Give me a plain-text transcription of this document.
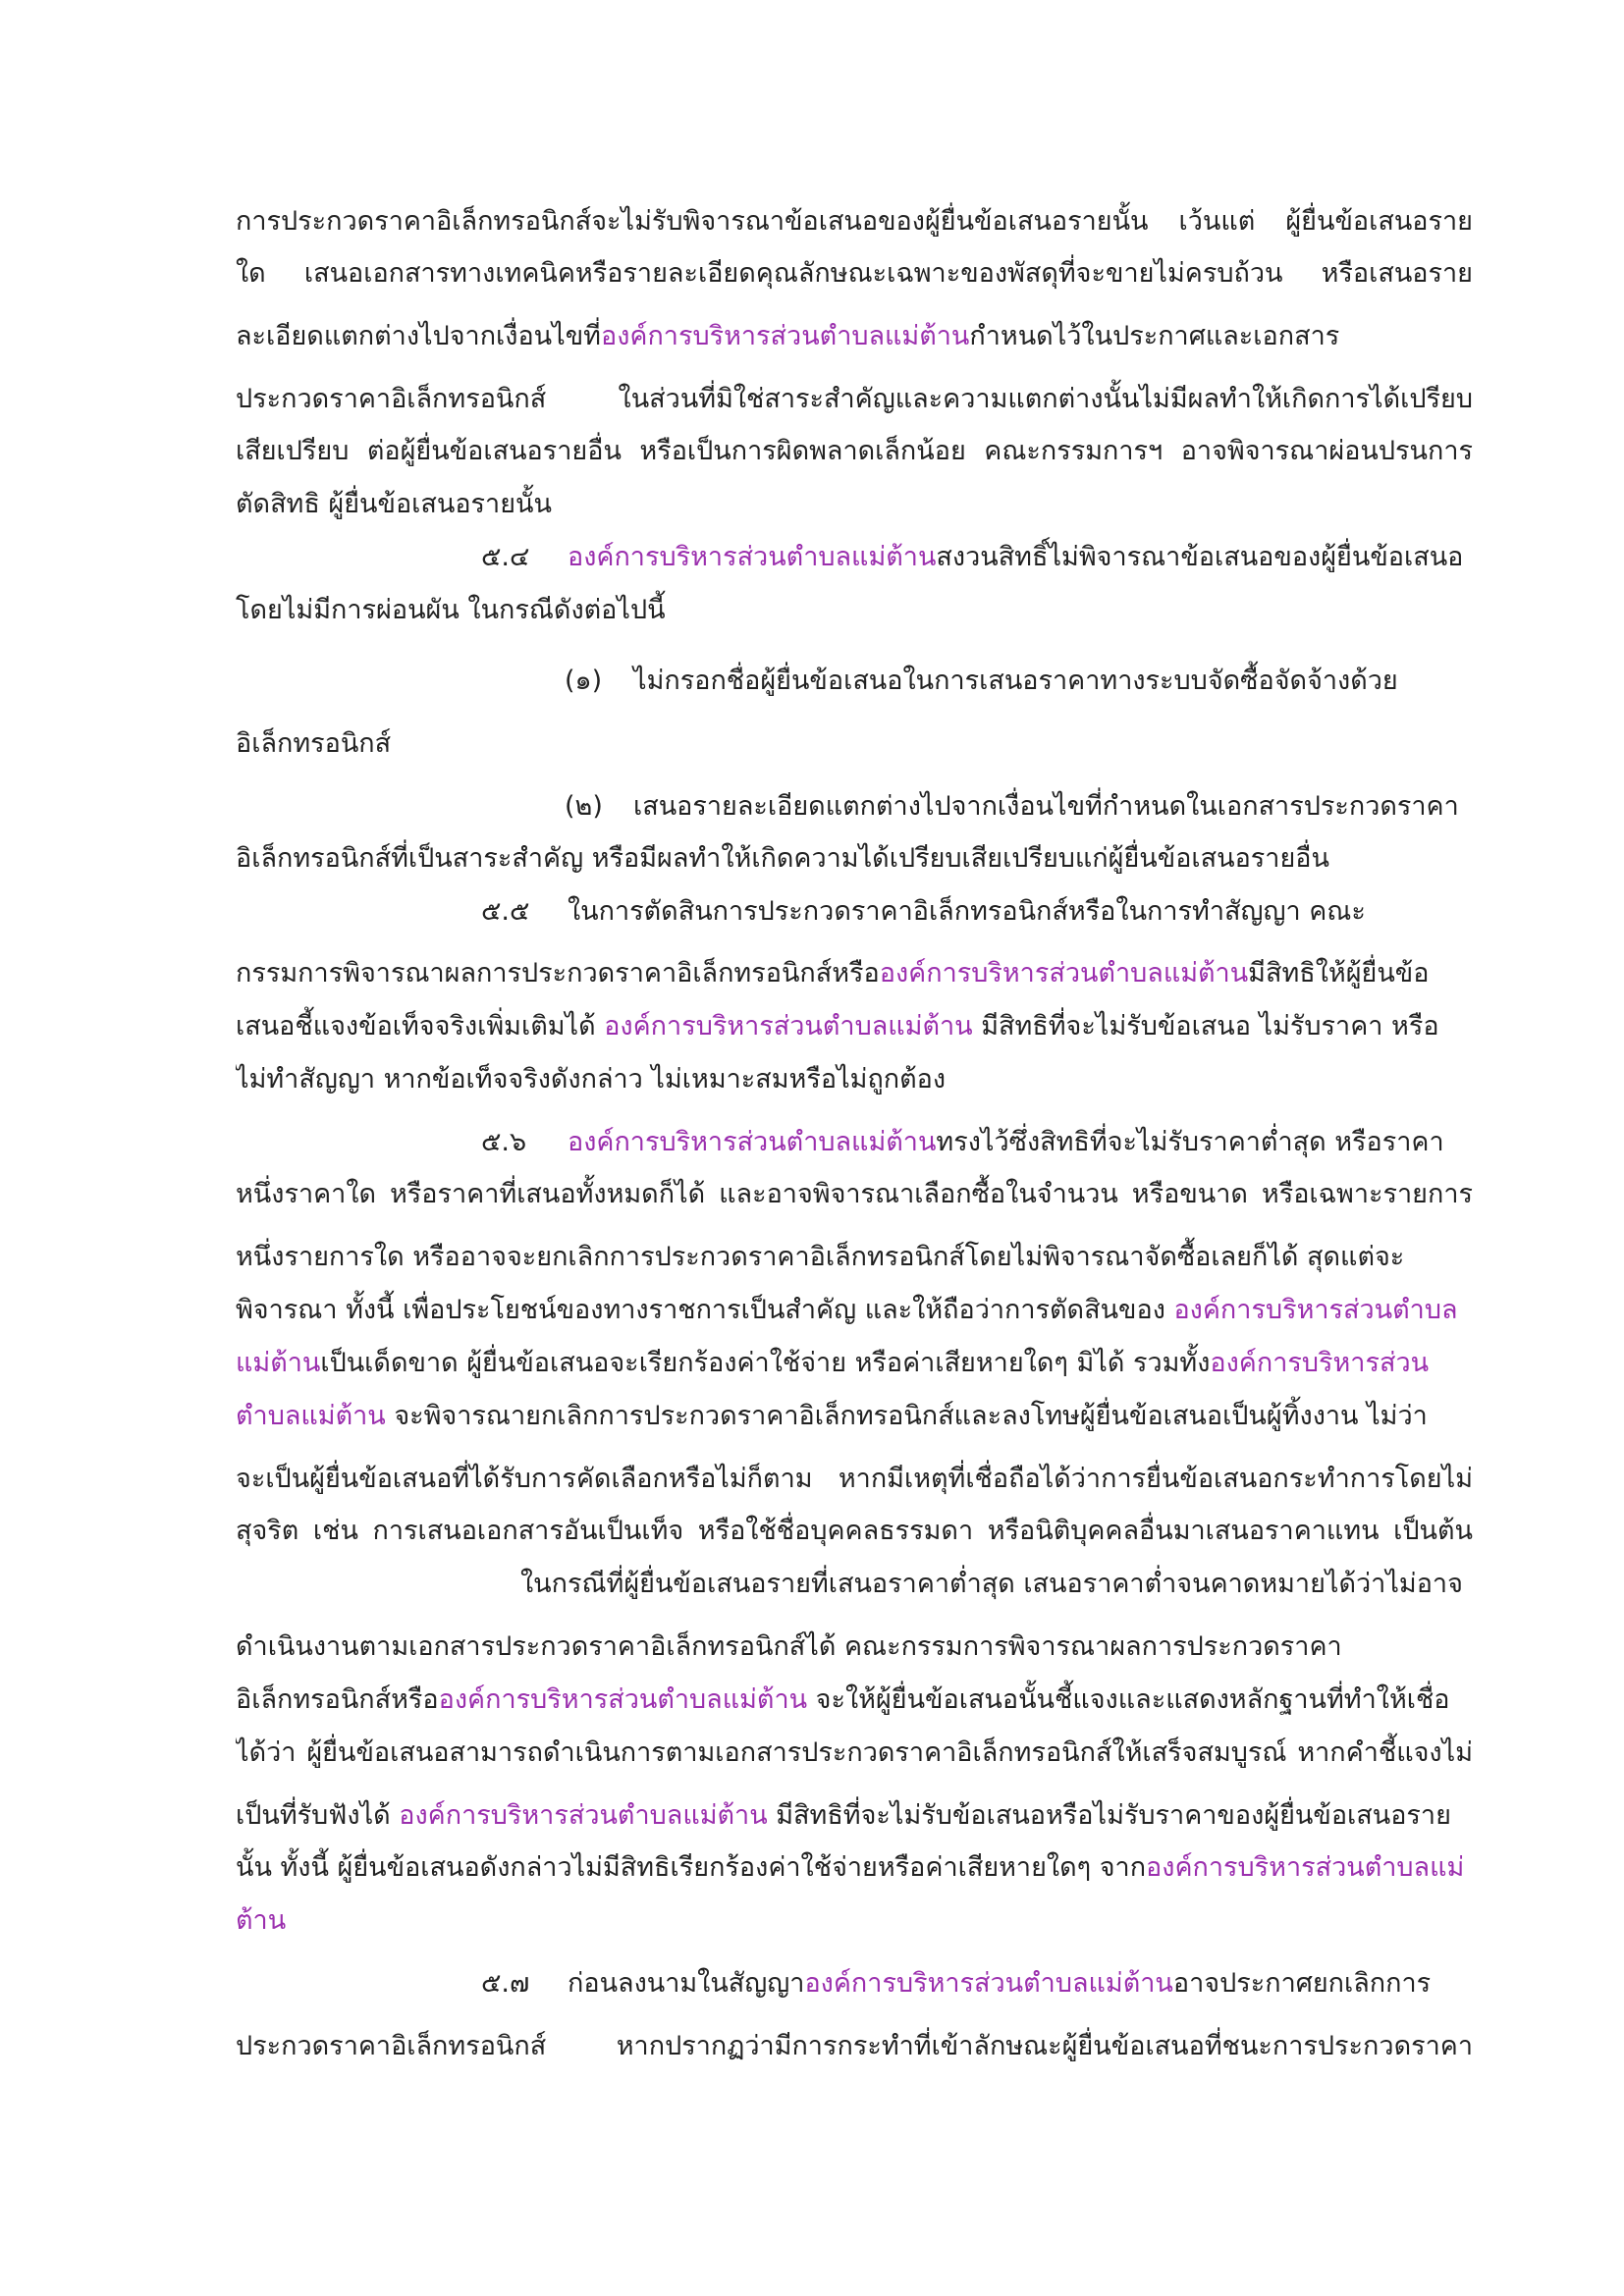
การประกวดราคาอิเล็กทรอนิกส์จะไม่รับพิจารณาข้อเสนอของผู้ยื่นข้อเสนอรายนั้น เว้นแต่ ผู้ยื่นข้อเสนอราย
ใด เสนอเอกสารทางเทคนิคหรือรายละเอียดคุณลักษณะเฉพาะของพัสดุที่จะขายไม่ครบถ้วน หรือเสนอราย
ละเอียดแตกต่างไปจากเงื่อนไขที่องค์การบริหารส่วนตำบลแม่ต้านกำหนดไว้ในประกาศและเอกสาร
ประกวดราคาอิเล็กทรอนิกส์ ในส่วนที่มิใช่สาระสำคัญและความแตกต่างนั้นไม่มีผลทำให้เกิดการได้เปรียบ
เสียเปรียบ ต่อผู้ยื่นข้อเสนอรายอื่น หรือเป็นการผิดพลาดเล็กน้อย คณะกรรมการฯ อาจพิจารณาผ่อนปรนการ
ตัดสิทธิ ผู้ยื่นข้อเสนอรายนั้น
๕.๔ องค์การบริหารส่วนตำบลแม่ต้านสงวนสิทธิ์ไม่พิจารณาข้อเสนอของผู้ยื่นข้อเสนอ
โดยไม่มีการผ่อนผัน ในกรณีดังต่อไปนี้
(๑) ไม่กรอกชื่อผู้ยื่นข้อเสนอในการเสนอราคาทางระบบจัดซื้อจัดจ้างด้วย
อิเล็กทรอนิกส์
(๒) เสนอรายละเอียดแตกต่างไปจากเงื่อนไขที่กำหนดในเอกสารประกวดราคา
อิเล็กทรอนิกส์ที่เป็นสาระสำคัญ หรือมีผลทำให้เกิดความได้เปรียบเสียเปรียบแก่ผู้ยื่นข้อเสนอรายอื่น
๕.๕ ในการตัดสินการประกวดราคาอิเล็กทรอนิกส์หรือในการทำสัญญา คณะ
กรรมการพิจารณาผลการประกวดราคาอิเล็กทรอนิกส์หรือองค์การบริหารส่วนตำบลแม่ต้านมีสิทธิให้ผู้ยื่นข้อ
เสนอชี้แจงข้อเท็จจริงเพิ่มเติมได้ องค์การบริหารส่วนตำบลแม่ต้าน มีสิทธิที่จะไม่รับข้อเสนอ ไม่รับราคา หรือ
ไม่ทำสัญญา หากข้อเท็จจริงดังกล่าว ไม่เหมาะสมหรือไม่ถูกต้อง
๕.๖ องค์การบริหารส่วนตำบลแม่ต้านทรงไว้ซึ่งสิทธิที่จะไม่รับราคาต่ำสุด หรือราคา
หนึ่งราคาใด หรือราคาที่เสนอทั้งหมดก็ได้ และอาจพิจารณาเลือกซื้อในจำนวน หรือขนาด หรือเฉพาะรายการ
หนึ่งรายการใด หรืออาจจะยกเลิกการประกวดราคาอิเล็กทรอนิกส์โดยไม่พิจารณาจัดซื้อเลยก็ได้ สุดแต่จะ
พิจารณา ทั้งนี้ เพื่อประโยชน์ของทางราชการเป็นสำคัญ และให้ถือว่าการตัดสินของ องค์การบริหารส่วนตำบล
แม่ต้านเป็นเด็ดขาด ผู้ยื่นข้อเสนอจะเรียกร้องค่าใช้จ่าย หรือค่าเสียหายใดๆ มิได้ รวมทั้งองค์การบริหารส่วน
ตำบลแม่ต้าน จะพิจารณายกเลิกการประกวดราคาอิเล็กทรอนิกส์และลงโทษผู้ยื่นข้อเสนอเป็นผู้ทิ้งงาน ไม่ว่า
จะเป็นผู้ยื่นข้อเสนอที่ได้รับการคัดเลือกหรือไม่ก็ตาม หากมีเหตุที่เชื่อถือได้ว่าการยื่นข้อเสนอกระทำการโดยไม่
สุจริต เช่น การเสนอเอกสารอันเป็นเท็จ หรือใช้ชื่อบุคคลธรรมดา หรือนิติบุคคลอื่นมาเสนอราคาแทน เป็นต้น
ในกรณีที่ผู้ยื่นข้อเสนอรายที่เสนอราคาต่ำสุด เสนอราคาต่ำจนคาดหมายได้ว่าไม่อาจ
ดำเนินงานตามเอกสารประกวดราคาอิเล็กทรอนิกส์ได้ คณะกรรมการพิจารณาผลการประกวดราคา
อิเล็กทรอนิกส์หรือองค์การบริหารส่วนตำบลแม่ต้าน จะให้ผู้ยื่นข้อเสนอนั้นชี้แจงและแสดงหลักฐานที่ทำให้เชื่อ
ได้ว่า ผู้ยื่นข้อเสนอสามารถดำเนินการตามเอกสารประกวดราคาอิเล็กทรอนิกส์ให้เสร็จสมบูรณ์ หากคำชี้แจงไม่
เป็นที่รับฟังได้ องค์การบริหารส่วนตำบลแม่ต้าน มีสิทธิที่จะไม่รับข้อเสนอหรือไม่รับราคาของผู้ยื่นข้อเสนอราย
นั้น ทั้งนี้ ผู้ยื่นข้อเสนอดังกล่าวไม่มีสิทธิเรียกร้องค่าใช้จ่ายหรือค่าเสียหายใดๆ จากองค์การบริหารส่วนตำบลแม่
ต้าน
๕.๗ ก่อนลงนามในสัญญาองค์การบริหารส่วนตำบลแม่ต้านอาจประกาศยกเลิกการ
ประกวดราคาอิเล็กทรอนิกส์ หากปรากฏว่ามีการกระทำที่เข้าลักษณะผู้ยื่นข้อเสนอที่ชนะการประกวดราคา
